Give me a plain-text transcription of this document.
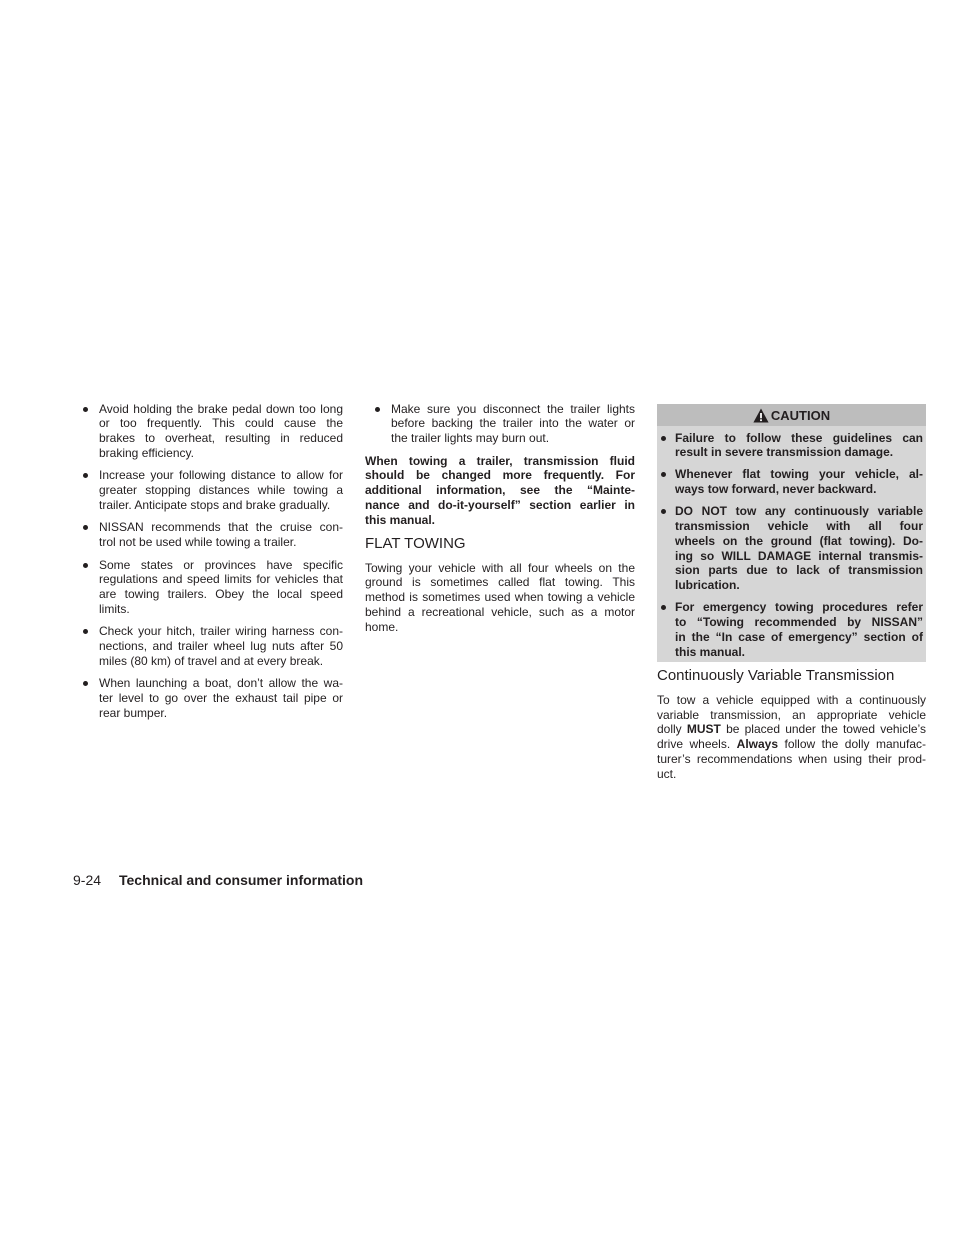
Avoid holding the brake pedal down too long
or too frequently. This could cause the
brakes to overheat, resulting in reduced
braking efficiency.
Increase your following distance to allow for
greater stopping distances while towing a
trailer. Anticipate stops and brake gradually.
NISSAN recommends that the cruise con-
trol not be used while towing a trailer.
Some states or provinces have specific
regulations and speed limits for vehicles that
are towing trailers. Obey the local speed
limits.
Check your hitch, trailer wiring harness con-
nections, and trailer wheel lug nuts after 50
miles (80 km) of travel and at every break.
When launching a boat, don’t allow the wa-
ter level to go over the exhaust tail pipe or
rear bumper.
Make sure you disconnect the trailer lights
before backing the trailer into the water or
the trailer lights may burn out.
When towing a trailer, transmission fluid
should be changed more frequently. For
additional information, see the “Mainte-
nance and do-it-yourself” section earlier in
this manual.
FLAT TOWING
Towing your vehicle with all four wheels on the
ground is sometimes called flat towing. This
method is sometimes used when towing a vehicle
behind a recreational vehicle, such as a motor
home.
CAUTION
Failure to follow these guidelines can
result in severe transmission damage.
Whenever flat towing your vehicle, al-
ways tow forward, never backward.
DO NOT tow any continuously variable
transmission vehicle with all four
wheels on the ground (flat towing). Do-
ing so WILL DAMAGE internal transmis-
sion parts due to lack of transmission
lubrication.
For emergency towing procedures refer
to “Towing recommended by NISSAN”
in the “In case of emergency” section of
this manual.
Continuously Variable Transmission
To tow a vehicle equipped with a continuously
variable transmission, an appropriate vehicle
dolly MUST be placed under the towed vehicle’s
drive wheels. Always follow the dolly manufac-
turer’s recommendations when using their prod-
uct.
9-24 Technical and consumer information
